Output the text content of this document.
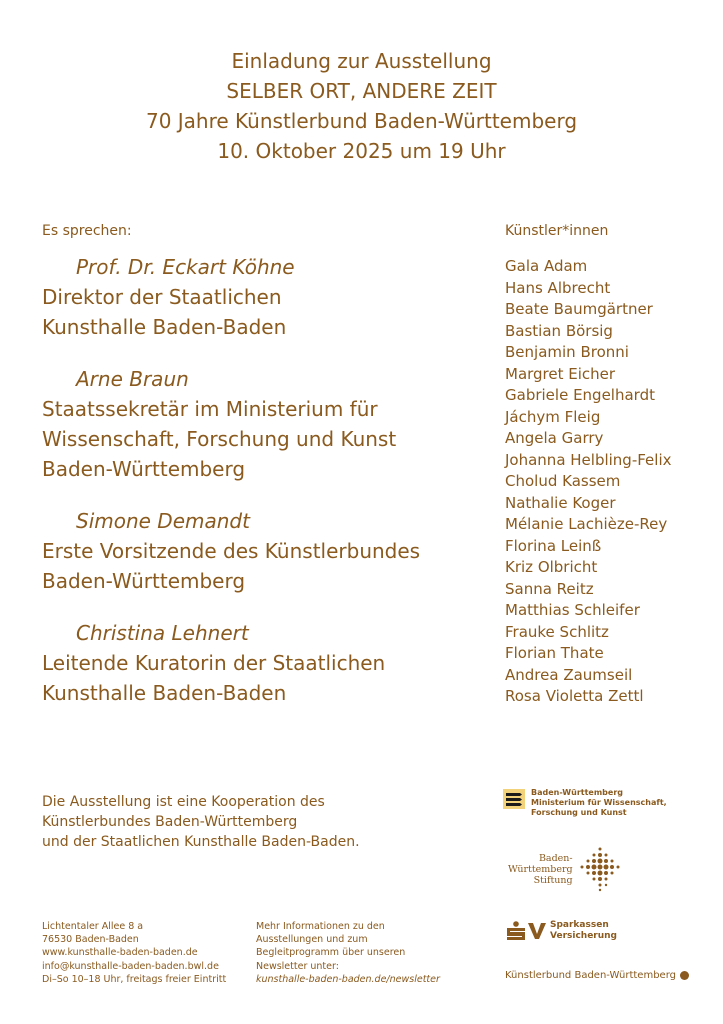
Einladung zur Ausstellung
SELBER ORT, ANDERE ZEIT
70 Jahre Künstlerbund Baden-Württemberg
10. Oktober 2025 um 19 Uhr
Es sprechen:
Prof. Dr. Eckart Köhne
Direktor der Staatlichen
Kunsthalle Baden-Baden
Arne Braun
Staatssekretär im Ministerium für
Wissenschaft, Forschung und Kunst
Baden-Württemberg
Simone Demandt
Erste Vorsitzende des Künstlerbundes
Baden-Württemberg
Christina Lehnert
Leitende Kuratorin der Staatlichen
Kunsthalle Baden-Baden
Künstler*innen
Gala Adam
Hans Albrecht
Beate Baumgärtner
Bastian Börsig
Benjamin Bronni
Margret Eicher
Gabriele Engelhardt
Jáchym Fleig
Angela Garry
Johanna Helbling-Felix
Cholud Kassem
Nathalie Koger
Mélanie Lachièze-Rey
Florina Leinß
Kriz Olbricht
Sanna Reitz
Matthias Schleifer
Frauke Schlitz
Florian Thate
Andrea Zaumseil
Rosa Violetta Zettl
Die Ausstellung ist eine Kooperation des
Künstlerbundes Baden-Württemberg
und der Staatlichen Kunsthalle Baden-Baden.
Lichtentaler Allee 8 a
76530 Baden-Baden
www.kunsthalle-baden-baden.de
info@kunsthalle-baden-baden.bwl.de
Di–So 10–18 Uhr, freitags freier Eintritt
Mehr Informationen zu den
Ausstellungen und zum
Begleitprogramm über unseren
Newsletter unter:
kunsthalle-baden-baden.de/newsletter
Baden-Württemberg
Ministerium für Wissenschaft,
Forschung und Kunst
Baden-
Württemberg
Stiftung
Sparkassen
Versicherung
Künstlerbund Baden-Württemberg
